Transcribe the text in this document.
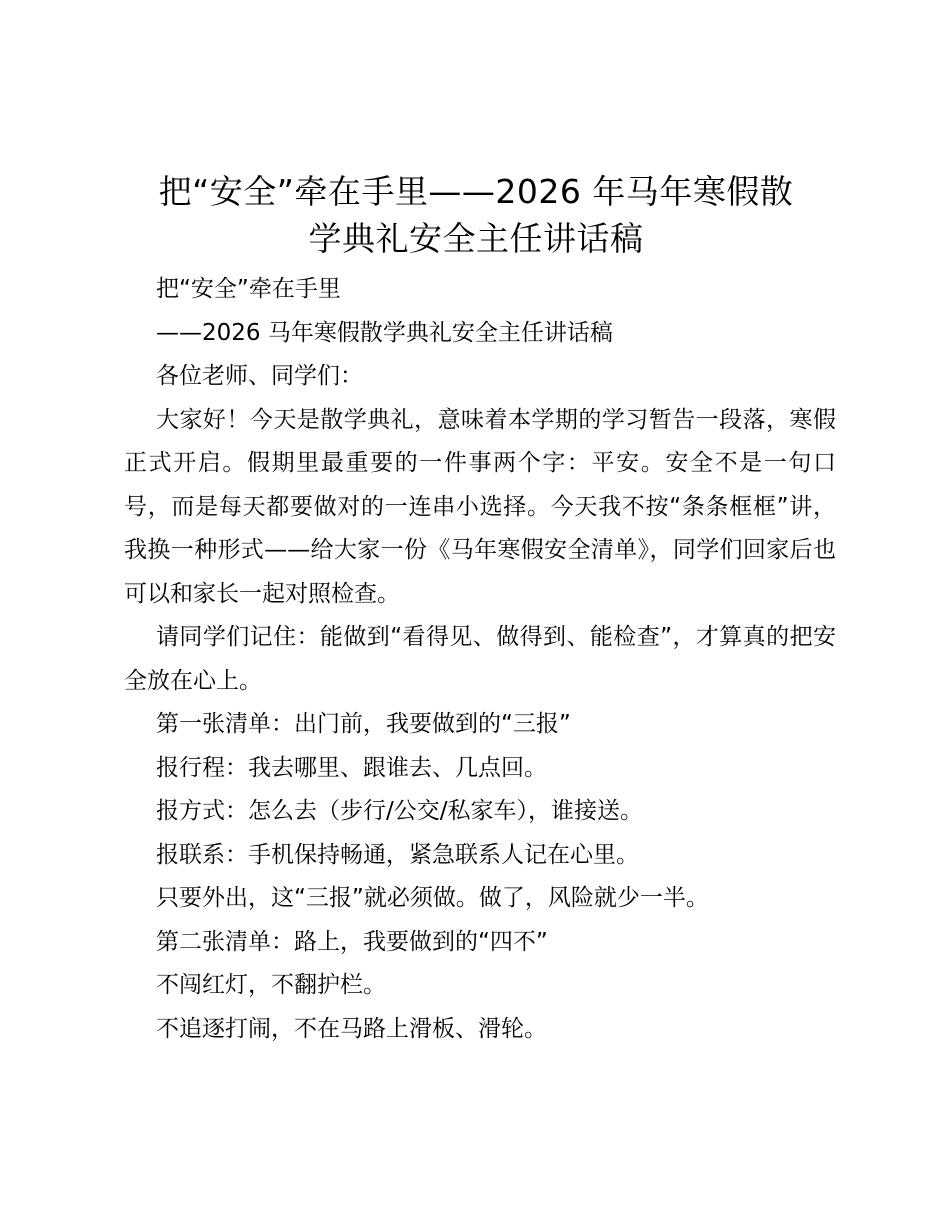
把“安全”牵在手里——2026 年马年寒假散
学典礼安全主任讲话稿

把“安全”牵在手里

——2026 马年寒假散学典礼安全主任讲话稿

各位老师、同学们：

大家好！今天是散学典礼，意味着本学期的学习暂告一段落，寒假正式开启。假期里最重要的一件事两个字：平安。安全不是一句口号，而是每天都要做对的一连串小选择。今天我不按“条条框框”讲，我换一种形式——给大家一份《马年寒假安全清单》，同学们回家后也可以和家长一起对照检查。

请同学们记住：能做到“看得见、做得到、能检查”，才算真的把安全放在心上。

第一张清单：出门前，我要做到的“三报”

报行程：我去哪里、跟谁去、几点回。

报方式：怎么去（步行/公交/私家车），谁接送。

报联系：手机保持畅通，紧急联系人记在心里。

只要外出，这“三报”就必须做。做了，风险就少一半。

第二张清单：路上，我要做到的“四不”

不闯红灯，不翻护栏。

不追逐打闹，不在马路上滑板、滑轮。
